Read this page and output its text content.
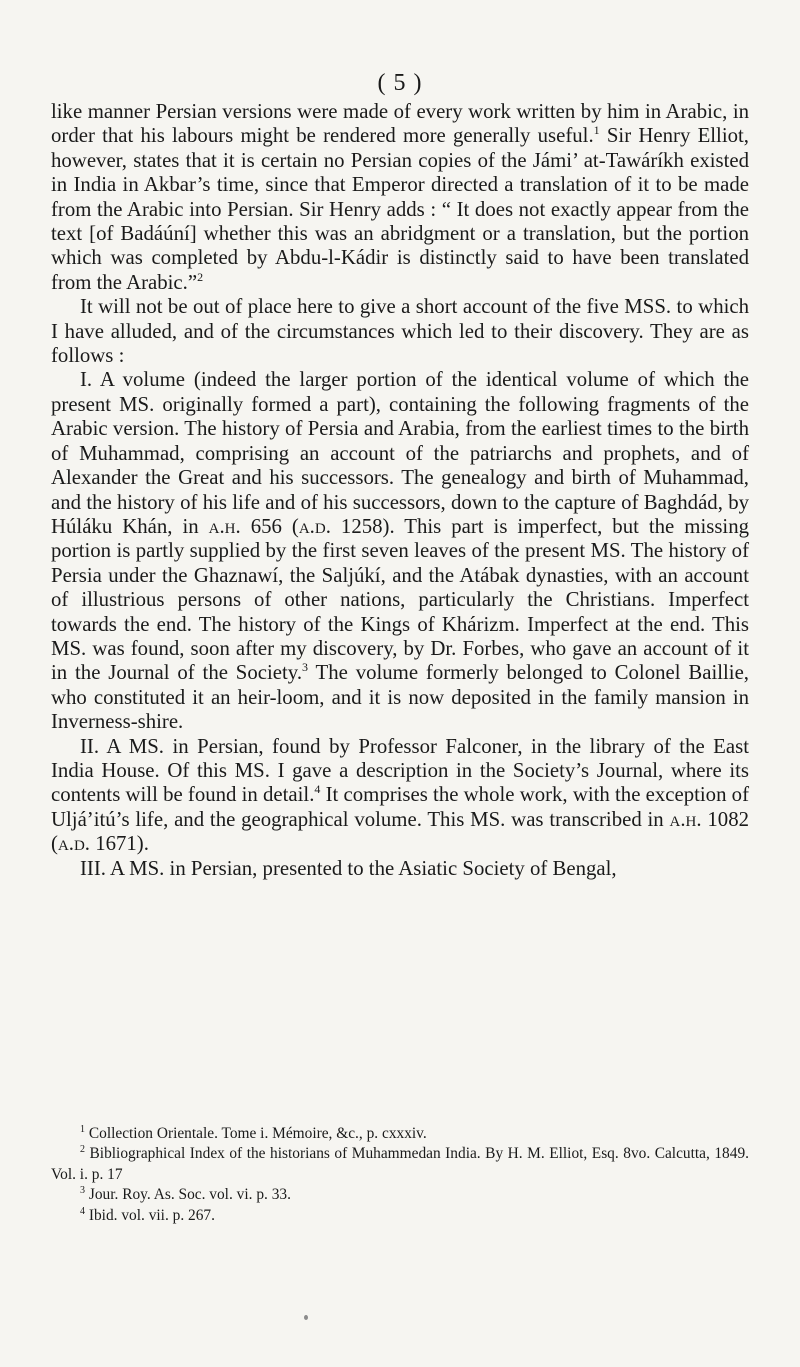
( 5 )

like manner Persian versions were made of every work written by him in Arabic, in order that his labours might be rendered more generally useful.$^1$ Sir Henry Elliot, however, states that it is certain no Persian copies of the Jámi’ at-Tawáríkh existed in India in Akbar’s time, since that Emperor directed a translation of it to be made from the Arabic into Persian. Sir Henry adds : “ It does not exactly appear from the text [of Badáúní] whether this was an abridgment or a translation, but the portion which was completed by Abdu-l-Kádir is distinctly said to have been translated from the Arabic.”$^2$

It will not be out of place here to give a short account of the five MSS. to which I have alluded, and of the circumstances which led to their discovery. They are as follows :

I. A volume (indeed the larger portion of the identical volume of which the present MS. originally formed a part), containing the following fragments of the Arabic version. The history of Persia and Arabia, from the earliest times to the birth of Muhammad, comprising an account of the patriarchs and prophets, and of Alexander the Great and his successors. The genealogy and birth of Muhammad, and the history of his life and of his successors, down to the capture of Baghdád, by Húláku Khán, in a.h. 656 (a.d. 1258). This part is imperfect, but the missing portion is partly supplied by the first seven leaves of the present MS. The history of Persia under the Ghaznawí, the Saljúkí, and the Atábak dynasties, with an account of illustrious persons of other nations, particularly the Christians. Imperfect towards the end. The history of the Kings of Khárizm. Imperfect at the end. This MS. was found, soon after my discovery, by Dr. Forbes, who gave an account of it in the Journal of the Society.$^3$ The volume formerly belonged to Colonel Baillie, who constituted it an heir-loom, and it is now deposited in the family mansion in Inverness-shire.

II. A MS. in Persian, found by Professor Falconer, in the library of the East India House. Of this MS. I gave a description in the Society’s Journal, where its contents will be found in detail.$^4$ It comprises the whole work, with the exception of Uljá’itú’s life, and the geographical volume. This MS. was transcribed in a.h. 1082 (a.d. 1671).

III. A MS. in Persian, presented to the Asiatic Society of Bengal,

$^1$ Collection Orientale. Tome i. Mémoire, &c., p. cxxxiv.

$^2$ Bibliographical Index of the historians of Muhammedan India. By H. M. Elliot, Esq. 8vo. Calcutta, 1849. Vol. i. p. 17

$^3$ Jour. Roy. As. Soc. vol. vi. p. 33.

$^4$ Ibid. vol. vii. p. 267.
